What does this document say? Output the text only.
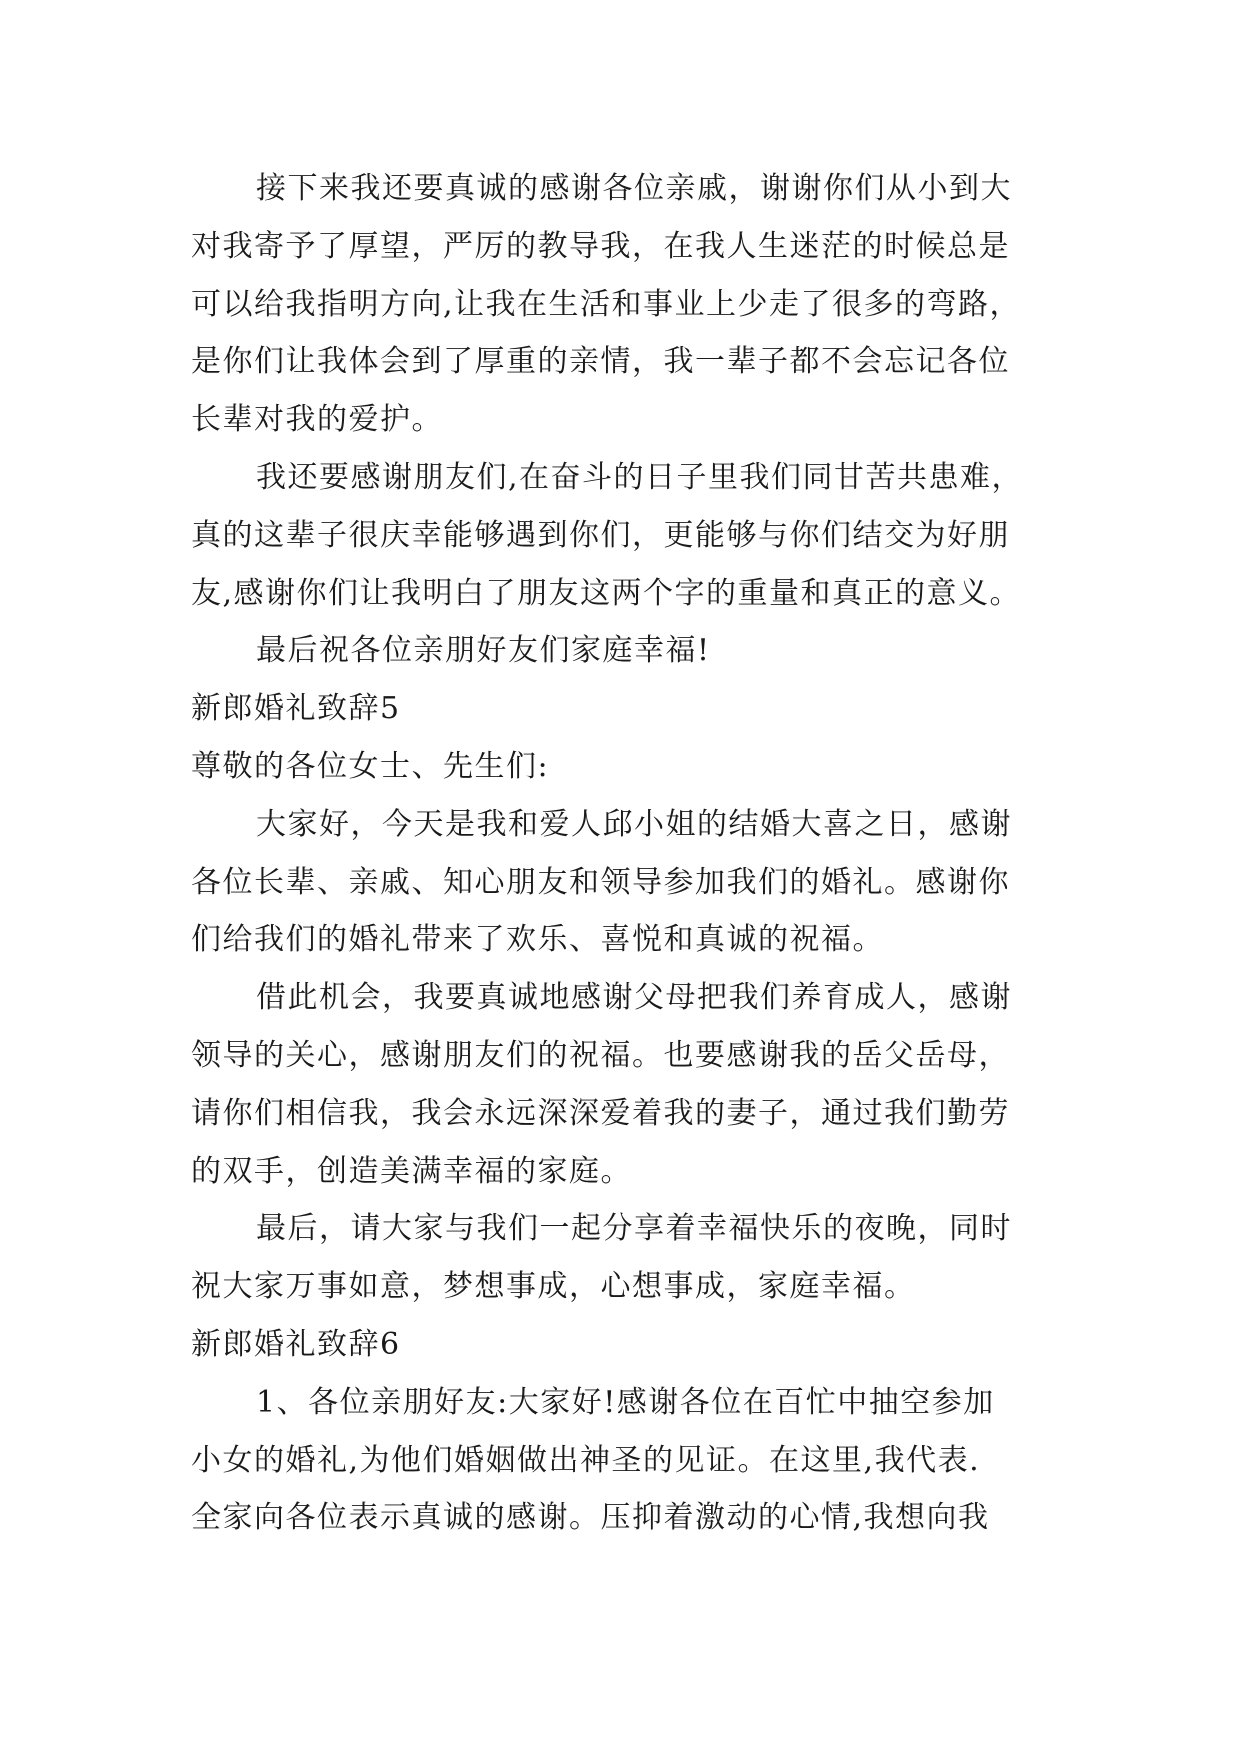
接下来我还要真诚的感谢各位亲戚，谢谢你们从小到大
对我寄予了厚望，严厉的教导我，在我人生迷茫的时候总是
可以给我指明方向,让我在生活和事业上少走了很多的弯路，
是你们让我体会到了厚重的亲情，我一辈子都不会忘记各位
长辈对我的爱护。
我还要感谢朋友们,在奋斗的日子里我们同甘苦共患难，
真的这辈子很庆幸能够遇到你们，更能够与你们结交为好朋
友,感谢你们让我明白了朋友这两个字的重量和真正的意义。
最后祝各位亲朋好友们家庭幸福!
新郎婚礼致辞5
尊敬的各位女士、先生们:
大家好，今天是我和爱人邱小姐的结婚大喜之日，感谢
各位长辈、亲戚、知心朋友和领导参加我们的婚礼。感谢你
们给我们的婚礼带来了欢乐、喜悦和真诚的祝福。
借此机会，我要真诚地感谢父母把我们养育成人，感谢
领导的关心，感谢朋友们的祝福。也要感谢我的岳父岳母，
请你们相信我，我会永远深深爱着我的妻子，通过我们勤劳
的双手，创造美满幸福的家庭。
最后，请大家与我们一起分享着幸福快乐的夜晚，同时
祝大家万事如意，梦想事成，心想事成，家庭幸福。
新郎婚礼致辞6
1、各位亲朋好友:大家好!感谢各位在百忙中抽空参加
小女的婚礼,为他们婚姻做出神圣的见证。在这里,我代表.
全家向各位表示真诚的感谢。压抑着激动的心情,我想向我
